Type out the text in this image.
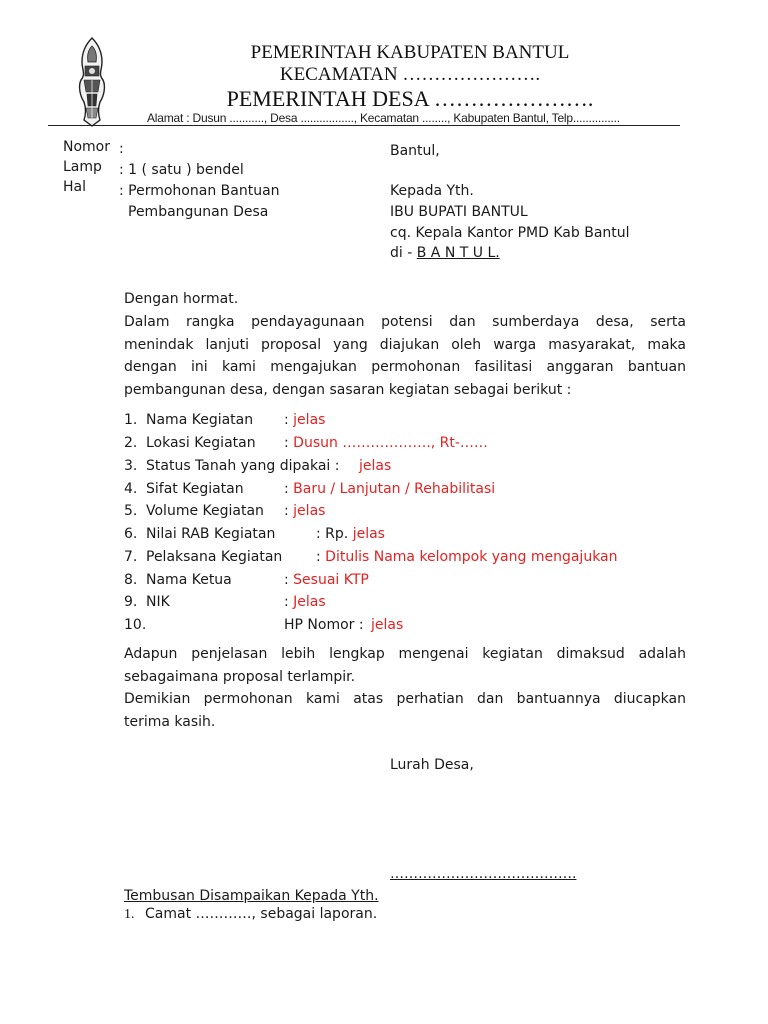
PEMERINTAH KABUPATEN BANTUL
KECAMATAN ………………….
PEMERINTAH DESA ………………….
Alamat : Dusun ..........., Desa ................., Kecamatan ........, Kabupaten Bantul, Telp...............
Nomor :
Lamp : 1 ( satu ) bendel
Hal : Permohonan Bantuan
Pembangunan Desa
Bantul,
Kepada Yth.
IBU BUPATI BANTUL
cq. Kepala Kantor PMD Kab Bantul
di - B A N T U L.
Dengan hormat.
Dalam rangka pendayagunaan potensi dan sumberdaya desa, serta
menindak lanjuti proposal yang diajukan oleh warga masyarakat, maka
dengan ini kami mengajukan permohonan fasilitasi anggaran bantuan
pembangunan desa, dengan sasaran kegiatan sebagai berikut :
1. Nama Kegiatan : jelas
2. Lokasi Kegiatan : Dusun ………………., Rt-……
3. Status Tanah yang dipakai : jelas
4. Sifat Kegiatan	: Baru / Lanjutan / Rehabilitasi
5. Volume Kegiatan : jelas
6. Nilai RAB Kegiatan	: Rp. jelas
7. Pelaksana Kegiatan : Ditulis Nama kelompok yang mengajukan
8. Nama Ketua	: Sesuai KTP
9. NIK	: Jelas
10.	HP Nomor : jelas
Adapun penjelasan lebih lengkap mengenai kegiatan dimaksud adalah
sebagaimana proposal terlampir.
Demikian permohonan kami atas perhatian dan bantuannya diucapkan
terima kasih.
Lurah Desa,
………………………………….
Tembusan Disampaikan Kepada Yth.
1. Camat …………, sebagai laporan.
